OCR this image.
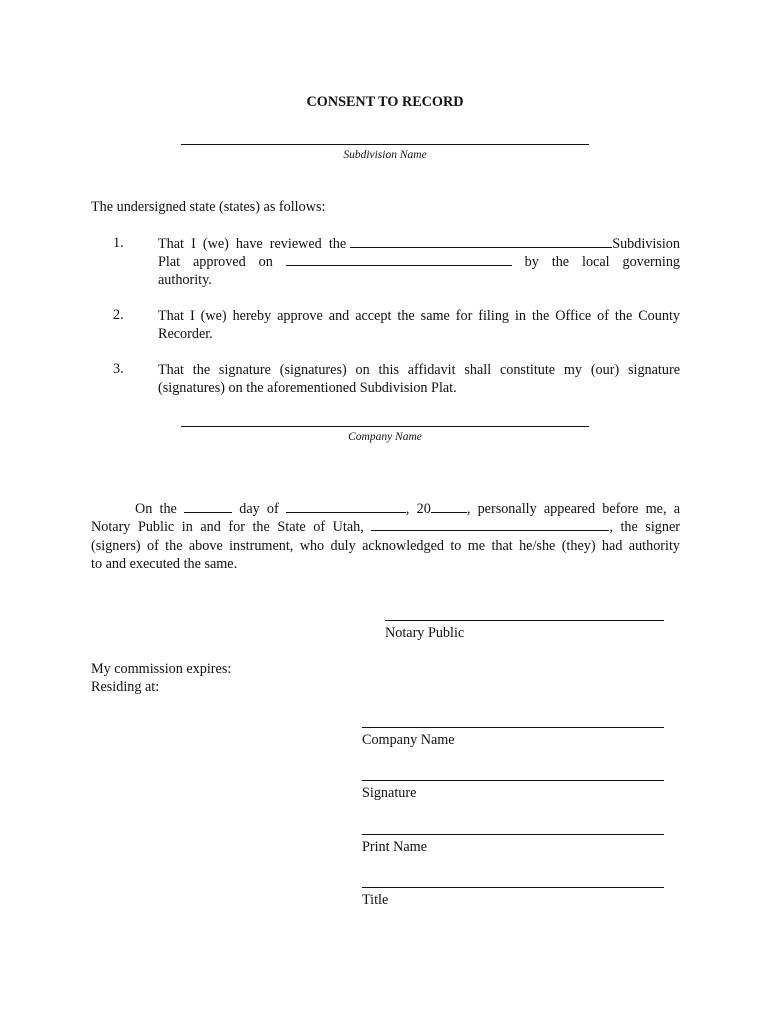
CONSENT TO RECORD
Subdivision Name
The undersigned state (states) as follows:
1. That I (we) have reviewed the	Subdivision
Plat approved on	by the local governing
authority.
2. That I (we) hereby approve and accept the same for filing in the Office of the County Recorder.
3. That the signature (signatures) on this affidavit shall constitute my (our) signature (signatures) on the aforementioned Subdivision Plat.
Company Name
On the	day of	, 20	, personally appeared before me, a
Notary Public in and for the State of Utah,	, the signer
(signers) of the above instrument, who duly acknowledged to me that he/she (they) had authority
to and executed the same.
Notary Public
My commission expires:
Residing at:
Company Name
Signature
Print Name
Title
